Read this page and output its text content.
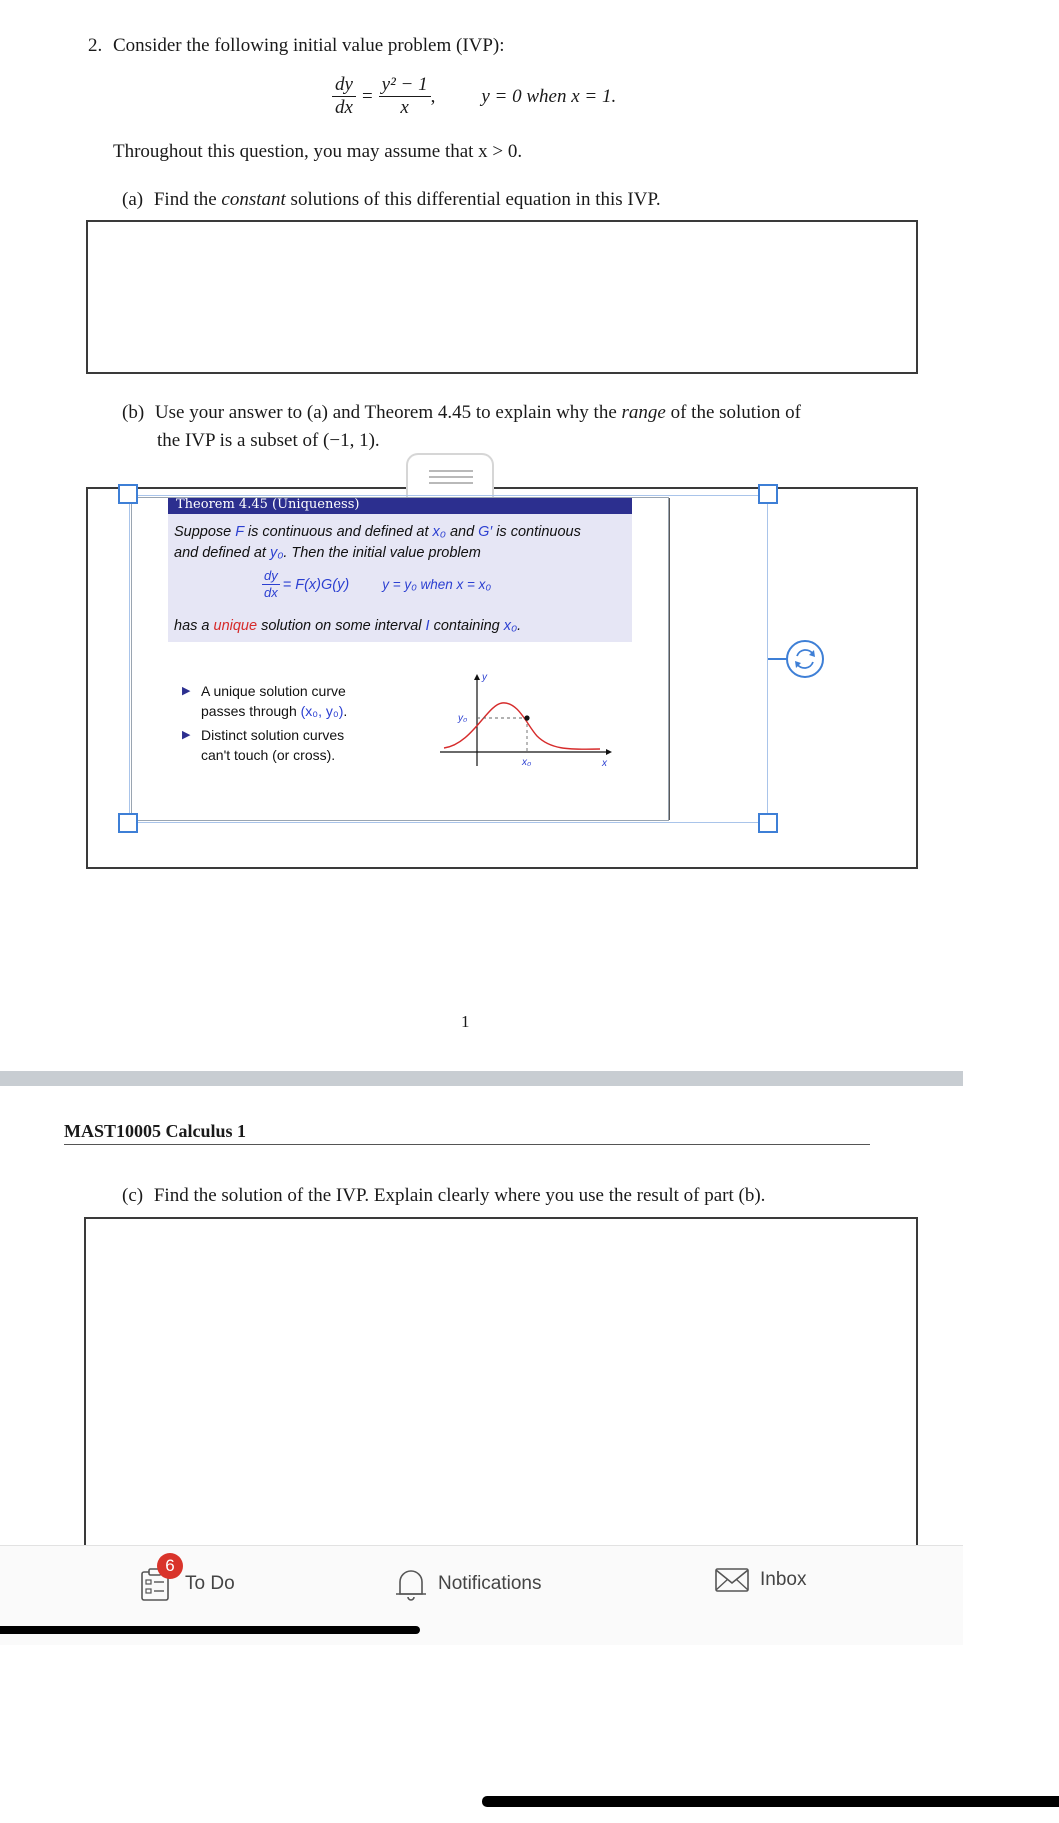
2. Consider the following initial value problem (IVP):
$\frac{dy}{dx} = \frac{\text{y² − 1}}{x}$ , y = 0 when x = 1.
Throughout this question, you may assume that x > 0.
(a) Find the constant solutions of this differential equation in this IVP.
(b) Use your answer to (a) and Theorem 4.45 to explain why the range of the solution of
the IVP is a subset of (−1, 1).
Theorem 4.45 (Uniqueness)
Suppose F is continuous and defined at x₀ and G′ is continuous
and defined at y₀. Then the initial value problem
$\frac{dy}{dx} = F(x)G(y) y = y_0$ when x = x₀
has a unique solution on some interval I containing x₀.
▶ A unique solution curve
passes through (x₀, y₀).
▶ Distinct solution curves
can't touch (or cross).
y
x
y₀
x₀
1
MAST10005 Calculus 1
(c) Find the solution of the IVP. Explain clearly where you use the result of part (b).
To Do	Notifications	Inbox
6
